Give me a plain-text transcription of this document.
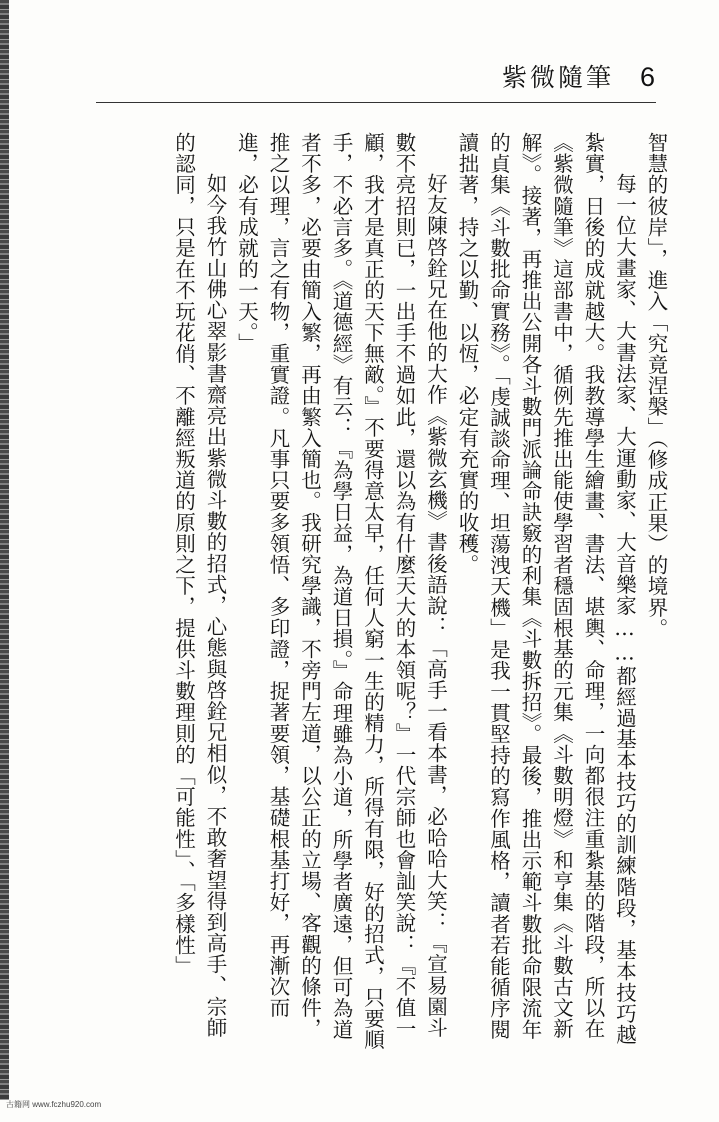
紫微隨筆 6

智慧的彼岸」，進入「究竟涅槃」（修成正果）的境界。

每一位大畫家、大書法家、大運動家、大音樂家……都經過基本技巧的訓練階段，基本技巧越紮實，日後的成就越大。我教導學生繪畫、書法、堪輿、命理，一向都很注重紮基的階段，所以在《紫微隨筆》這部書中，循例先推出能使學習者穩固根基的元集《斗數明燈》和亨集《斗數古文新解》。接著，再推出公開各斗數門派論命訣竅的利集《斗數拆招》。最後，推出示範斗數批命限流年的貞集《斗數批命實務》。「虔誠談命理、坦蕩洩天機」是我一貫堅持的寫作風格，讀者若能循序閱讀拙著，持之以勤、以恆，必定有充實的收穫。

好友陳啓銓兄在他的大作《紫微玄機》書後語說：「高手一看本書，必哈哈大笑：『宣易園斗數不亮招則已，一出手不過如此，還以為有什麼天大的本領呢？』一代宗師也會訕笑說：『不值一顧，我才是真正的天下無敵。』不要得意太早，任何人窮一生的精力，所得有限，好的招式，只要順手，不必言多。《道德經》有云：『為學日益，為道日損。』命理雖為小道，所學者廣遠，但可為道者不多，必要由簡入繁，再由繁入簡也。我研究學識，不旁門左道，以公正的立場、客觀的條件，推之以理，言之有物，重實證。凡事只要多領悟、多印證，捉著要領，基礎根基打好，再漸次而進，必有成就的一天。」

如今我竹山佛心翠影書齋亮出紫微斗數的招式，心態與啓銓兄相似，不敢奢望得到高手、宗師的認同，只是在不玩花俏、不離經叛道的原則之下，提供斗數理則的「可能性」、「多樣性」

古籍网 www.fczhu920.com
